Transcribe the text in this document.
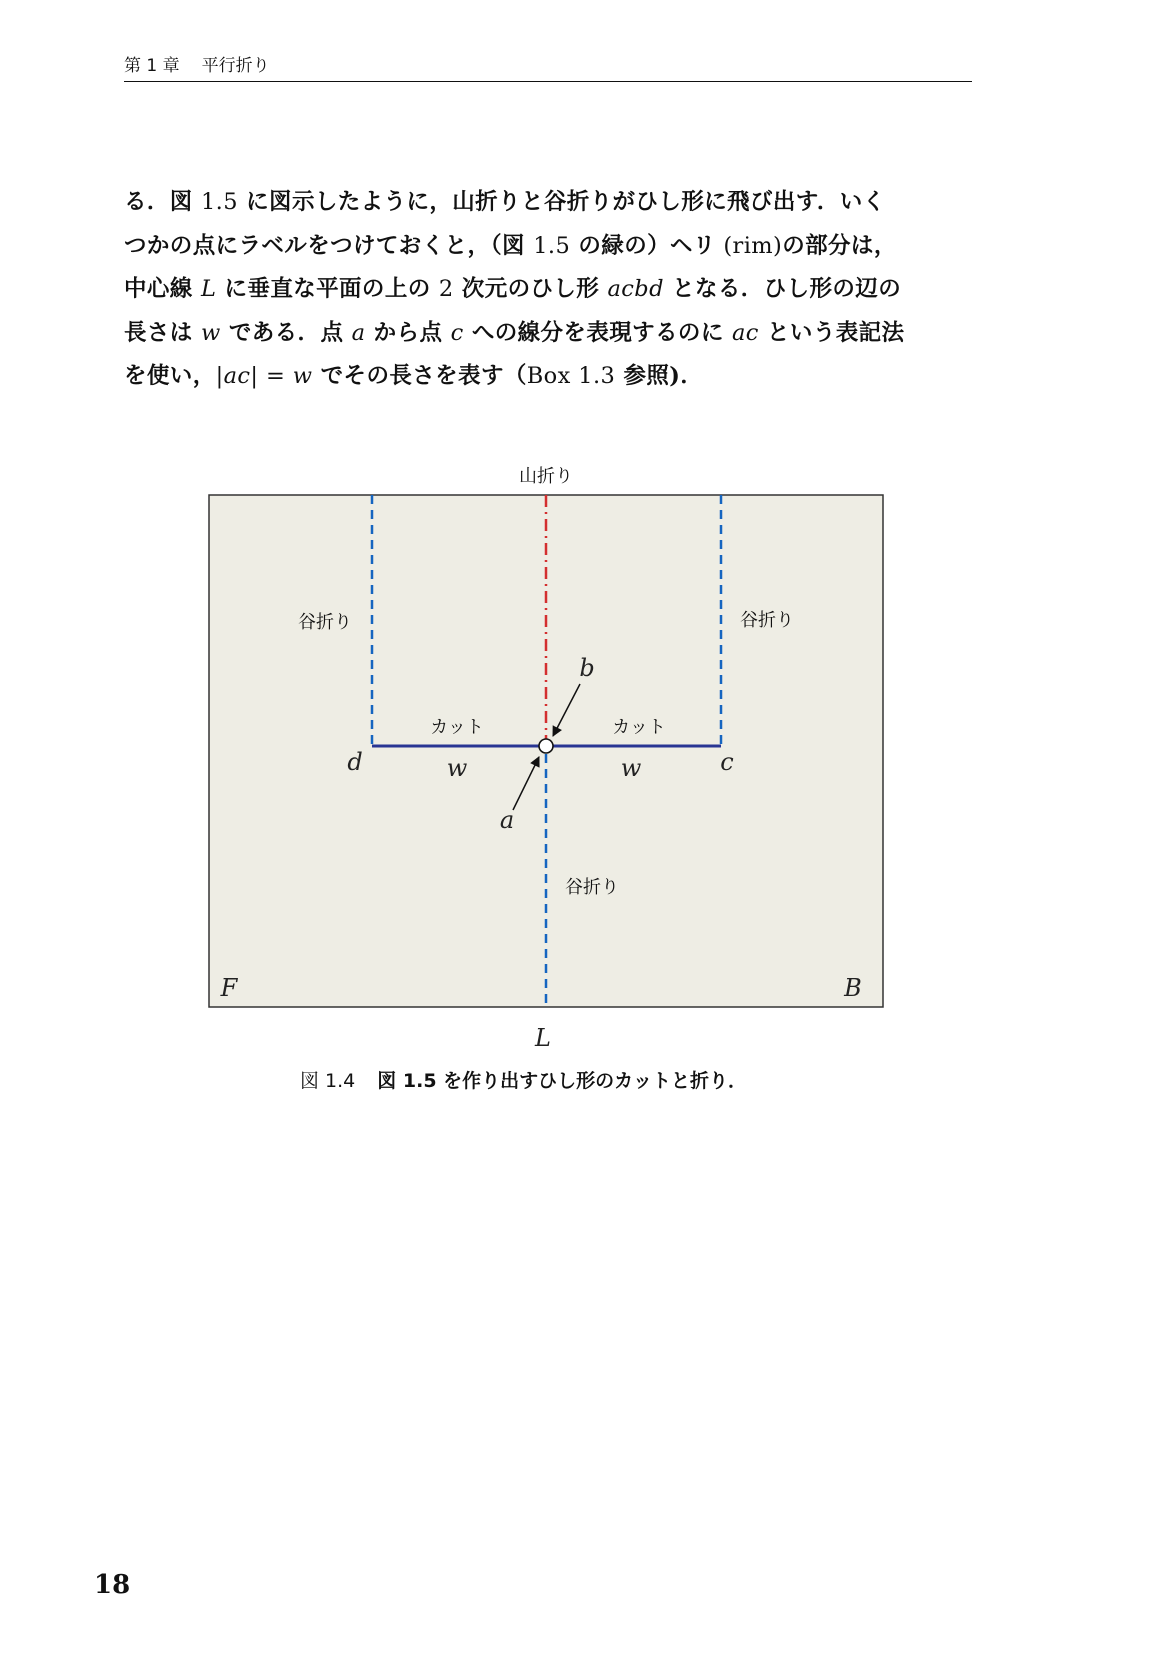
第 1 章 平行折り

る．図 1.5 に図示したように，山折りと谷折りがひし形に飛び出す．いく

つかの点にラベルをつけておくと，（図 1.5 の緑の）ヘリ (rim)の部分は，

中心線 L に垂直な平面の上の 2 次元のひし形 acbd となる．ひし形の辺の

長さは w である．点 a から点 c への線分を表現するのに ac という表記法

を使い，|ac| = w でその長さを表す（Box 1.3 参照)．

山折り
谷折り	谷折り
谷折り
カット	カット
b
a
d	c
w	w
F	B
L
図 1.4 図 1.5 を作り出すひし形のカットと折り．
18
